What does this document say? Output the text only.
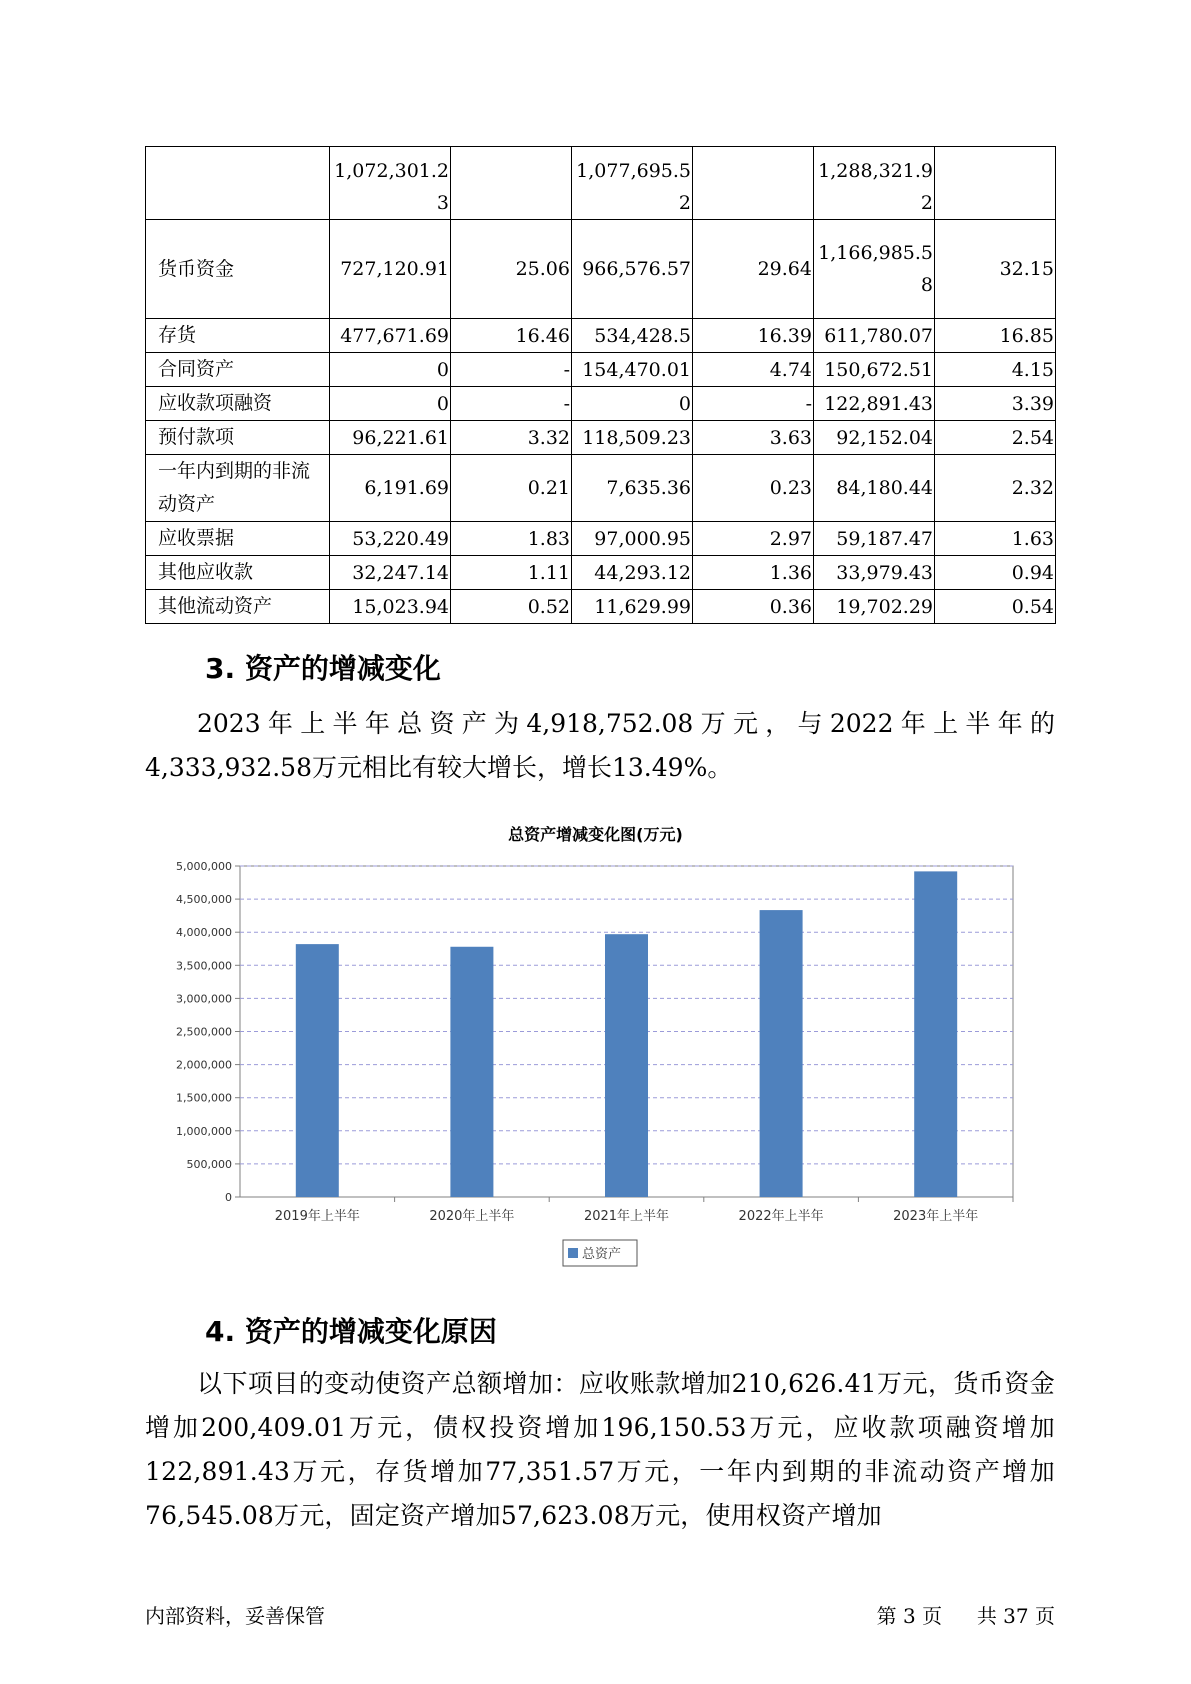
	1,072,301.23		1,077,695.52		1,288,321.92	

货币资金	727,120.91	25.06	966,576.57	29.64	1,166,985.58	32.15

存货	477,671.69	16.46	534,428.5	16.39	611,780.07	16.85

合同资产	0	-	154,470.01	4.74	150,672.51	4.15

应收款项融资	0	-	0	-	122,891.43	3.39

预付款项	96,221.61	3.32	118,509.23	3.63	92,152.04	2.54

一年内到期的非流动资产	6,191.69	0.21	7,635.36	0.23	84,180.44	2.32

应收票据	53,220.49	1.83	97,000.95	2.97	59,187.47	1.63

其他应收款	32,247.14	1.11	44,293.12	1.36	33,979.43	0.94

其他流动资产	15,023.94	0.52	11,629.99	0.36	19,702.29	0.54
3. 资产的增减变化
2023年上半年总资产为4,918,752.08万元，与2022年上半年的4,333,932.58万元相比有较大增长，增长13.49%。
总资产增减变化图(万元)
0
500,000
1,000,000
1,500,000
2,000,000
2,500,000
3,000,000
3,500,000
4,000,000
4,500,000
5,000,000
2019年上半年	2020年上半年	2021年上半年	2022年上半年	2023年上半年
总资产
4. 资产的增减变化原因
以下项目的变动使资产总额增加：应收账款增加210,626.41万元，货币资金增加200,409.01万元，债权投资增加196,150.53万元，应收款项融资增加122,891.43万元，存货增加77,351.57万元，一年内到期的非流动资产增加76,545.08万元，固定资产增加57,623.08万元，使用权资产增加
内部资料，妥善保管	第 3 页 共 37 页
